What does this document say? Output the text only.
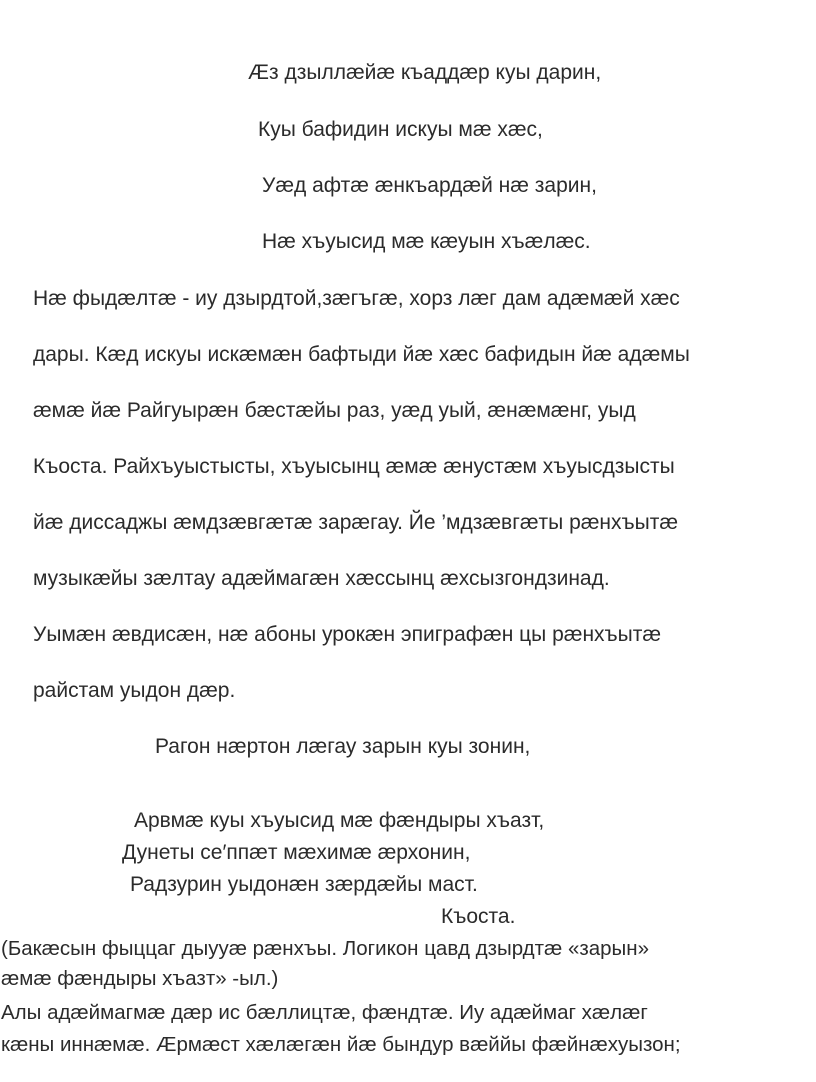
Æз дзыллæйæ къаддæр куы дарин,
Куы бафидин искуы мæ хæс,
Уæд афтæ æнкъардæй нæ зарин,
Нæ хъуысид мæ кæуын хъæлæс.
Нæ фыдæлтæ - иу дзырдтой,зæгъгæ, хорз лæг дам адæмæй хæс
дары. Кæд искуы искæмæн бафтыди йæ хæс бафидын йæ адæмы
æмæ йæ Райгуырæн бæстæйы раз, уæд уый, æнæмæнг, уыд
Къоста. Райхъуыстысты, хъуысынц æмæ æнустæм хъуысдзысты
йæ диссаджы æмдзæвгæтæ зарæгау. Йе ’мдзæвгæты рæнхъытæ
музыкæйы зæлтау адæймагæн хæссынц æхсызгондзинад.
Уымæн æвдисæн, нæ абоны урокæн эпиграфæн цы рæнхъытæ
райстам уыдон дæр.
Рагон нæртон лæгау зарын куы зонин,
Арвмæ куы хъуысид мæ фæндыры хъазт,
Дунеты се′ппæт мæхимæ æрхонин,
Радзурин уыдонæн зæрдæйы маст.
Къоста.
(Бакæсын фыццаг дыууæ рæнхъы. Логикон цавд дзырдтæ «зарын»
æмæ фæндыры хъазт» -ыл.)
Алы адæймагмæ дæр ис бæллицтæ, фæндтæ. Иу адæймаг хæлæг
кæны иннæмæ. Æрмæст хæлæгæн йæ бындур вæййы фæйнæхуызон;
